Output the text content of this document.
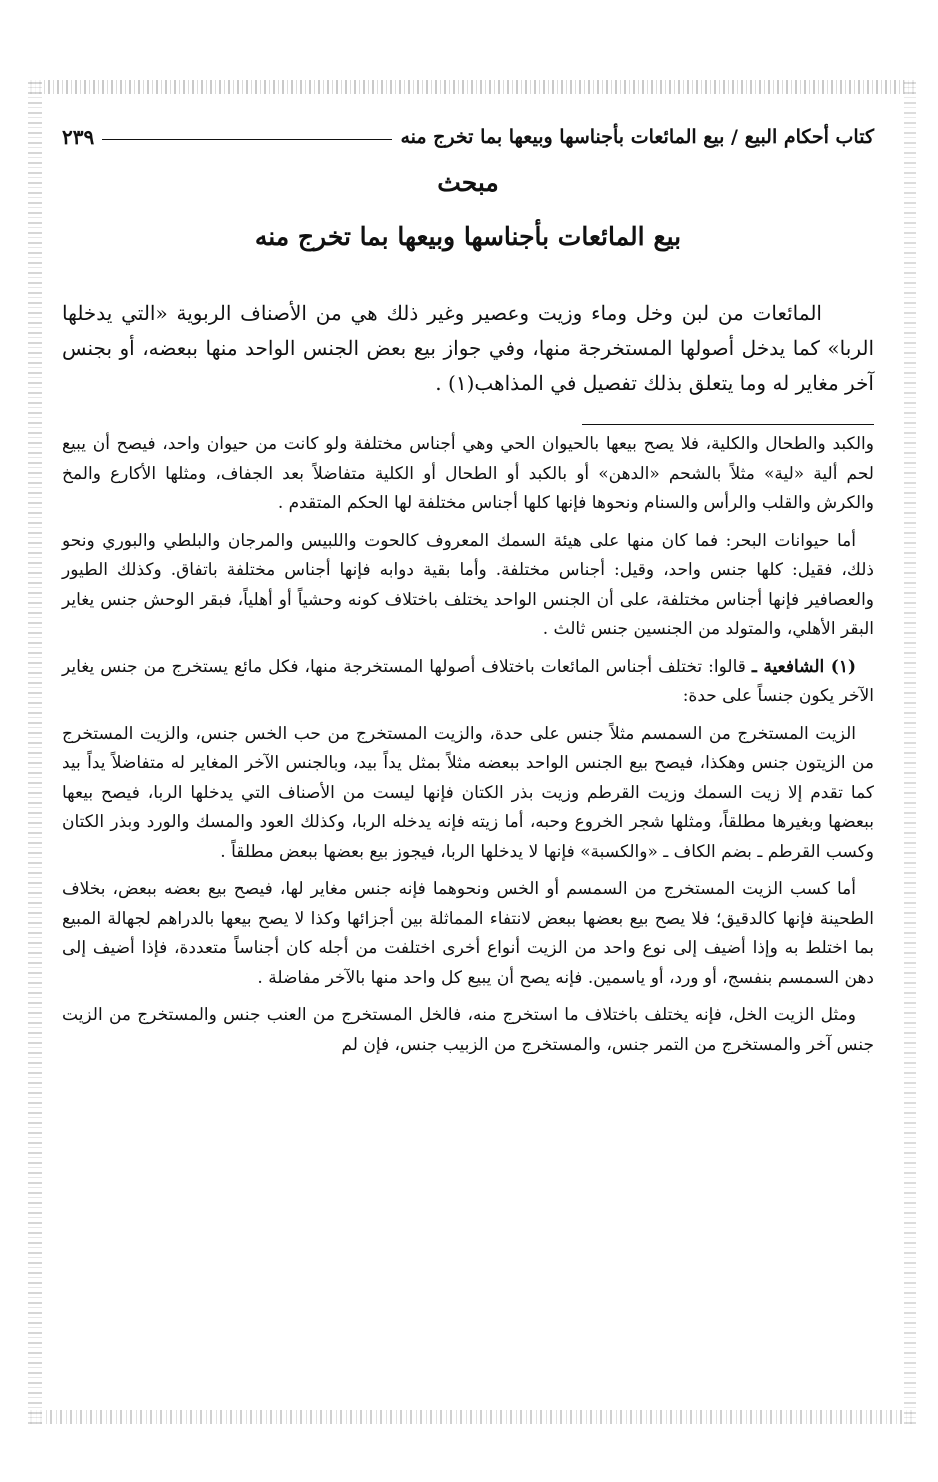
كتاب أحكام البيع / بيع المائعات بأجناسها وبيعها بما تخرج منه
٢٣٩
مبحث
بيع المائعات بأجناسها وبيعها بما تخرج منه

المائعات من لبن وخل وماء وزيت وعصير وغير ذلك هي من الأصناف الربوية «التي يدخلها الربا» كما يدخل أصولها المستخرجة منها، وفي جواز بيع بعض الجنس الواحد منها ببعضه، أو بجنس آخر مغاير له وما يتعلق بذلك تفصيل في المذاهب(١) .

والكبد والطحال والكلية، فلا يصح بيعها بالحيوان الحي وهي أجناس مختلفة ولو كانت من حيوان واحد، فيصح أن يبيع لحم ألية «لية» مثلاً بالشحم «الدهن» أو بالكبد أو الطحال أو الكلية متفاضلاً بعد الجفاف، ومثلها الأكارع والمخ والكرش والقلب والرأس والسنام ونحوها فإنها كلها أجناس مختلفة لها الحكم المتقدم .

أما حيوانات البحر: فما كان منها على هيئة السمك المعروف كالحوت واللبيس والمرجان والبلطي والبوري ونحو ذلك، فقيل: كلها جنس واحد، وقيل: أجناس مختلفة. وأما بقية دوابه فإنها أجناس مختلفة باتفاق. وكذلك الطيور والعصافير فإنها أجناس مختلفة، على أن الجنس الواحد يختلف باختلاف كونه وحشياً أو أهلياً، فبقر الوحش جنس يغاير البقر الأهلي، والمتولد من الجنسين جنس ثالث .

(١) الشافعية ـ قالوا: تختلف أجناس المائعات باختلاف أصولها المستخرجة منها، فكل مائع يستخرج من جنس يغاير الآخر يكون جنساً على حدة:

الزيت المستخرج من السمسم مثلاً جنس على حدة، والزيت المستخرج من حب الخس جنس، والزيت المستخرج من الزيتون جنس وهكذا، فيصح بيع الجنس الواحد ببعضه مثلاً بمثل يداً بيد، وبالجنس الآخر المغاير له متفاضلاً يداً بيد كما تقدم إلا زيت السمك وزيت القرطم وزيت بذر الكتان فإنها ليست من الأصناف التي يدخلها الربا، فيصح بيعها ببعضها وبغيرها مطلقاً، ومثلها شجر الخروع وحبه، أما زيته فإنه يدخله الربا، وكذلك العود والمسك والورد وبذر الكتان وكسب القرطم ـ بضم الكاف ـ «والكسبة» فإنها لا يدخلها الربا، فيجوز بيع بعضها ببعض مطلقاً .

أما كسب الزيت المستخرج من السمسم أو الخس ونحوهما فإنه جنس مغاير لها، فيصح بيع بعضه ببعض، بخلاف الطحينة فإنها كالدقيق؛ فلا يصح بيع بعضها ببعض لانتفاء المماثلة بين أجزائها وكذا لا يصح بيعها بالدراهم لجهالة المبيع بما اختلط به وإذا أضيف إلى نوع واحد من الزيت أنواع أخرى اختلفت من أجله كان أجناساً متعددة، فإذا أضيف إلى دهن السمسم بنفسج، أو ورد، أو ياسمين. فإنه يصح أن يبيع كل واحد منها بالآخر مفاضلة .

ومثل الزيت الخل، فإنه يختلف باختلاف ما استخرج منه، فالخل المستخرج من العنب جنس والمستخرج من الزيت جنس آخر والمستخرج من التمر جنس، والمستخرج من الزبيب جنس، فإن لم
